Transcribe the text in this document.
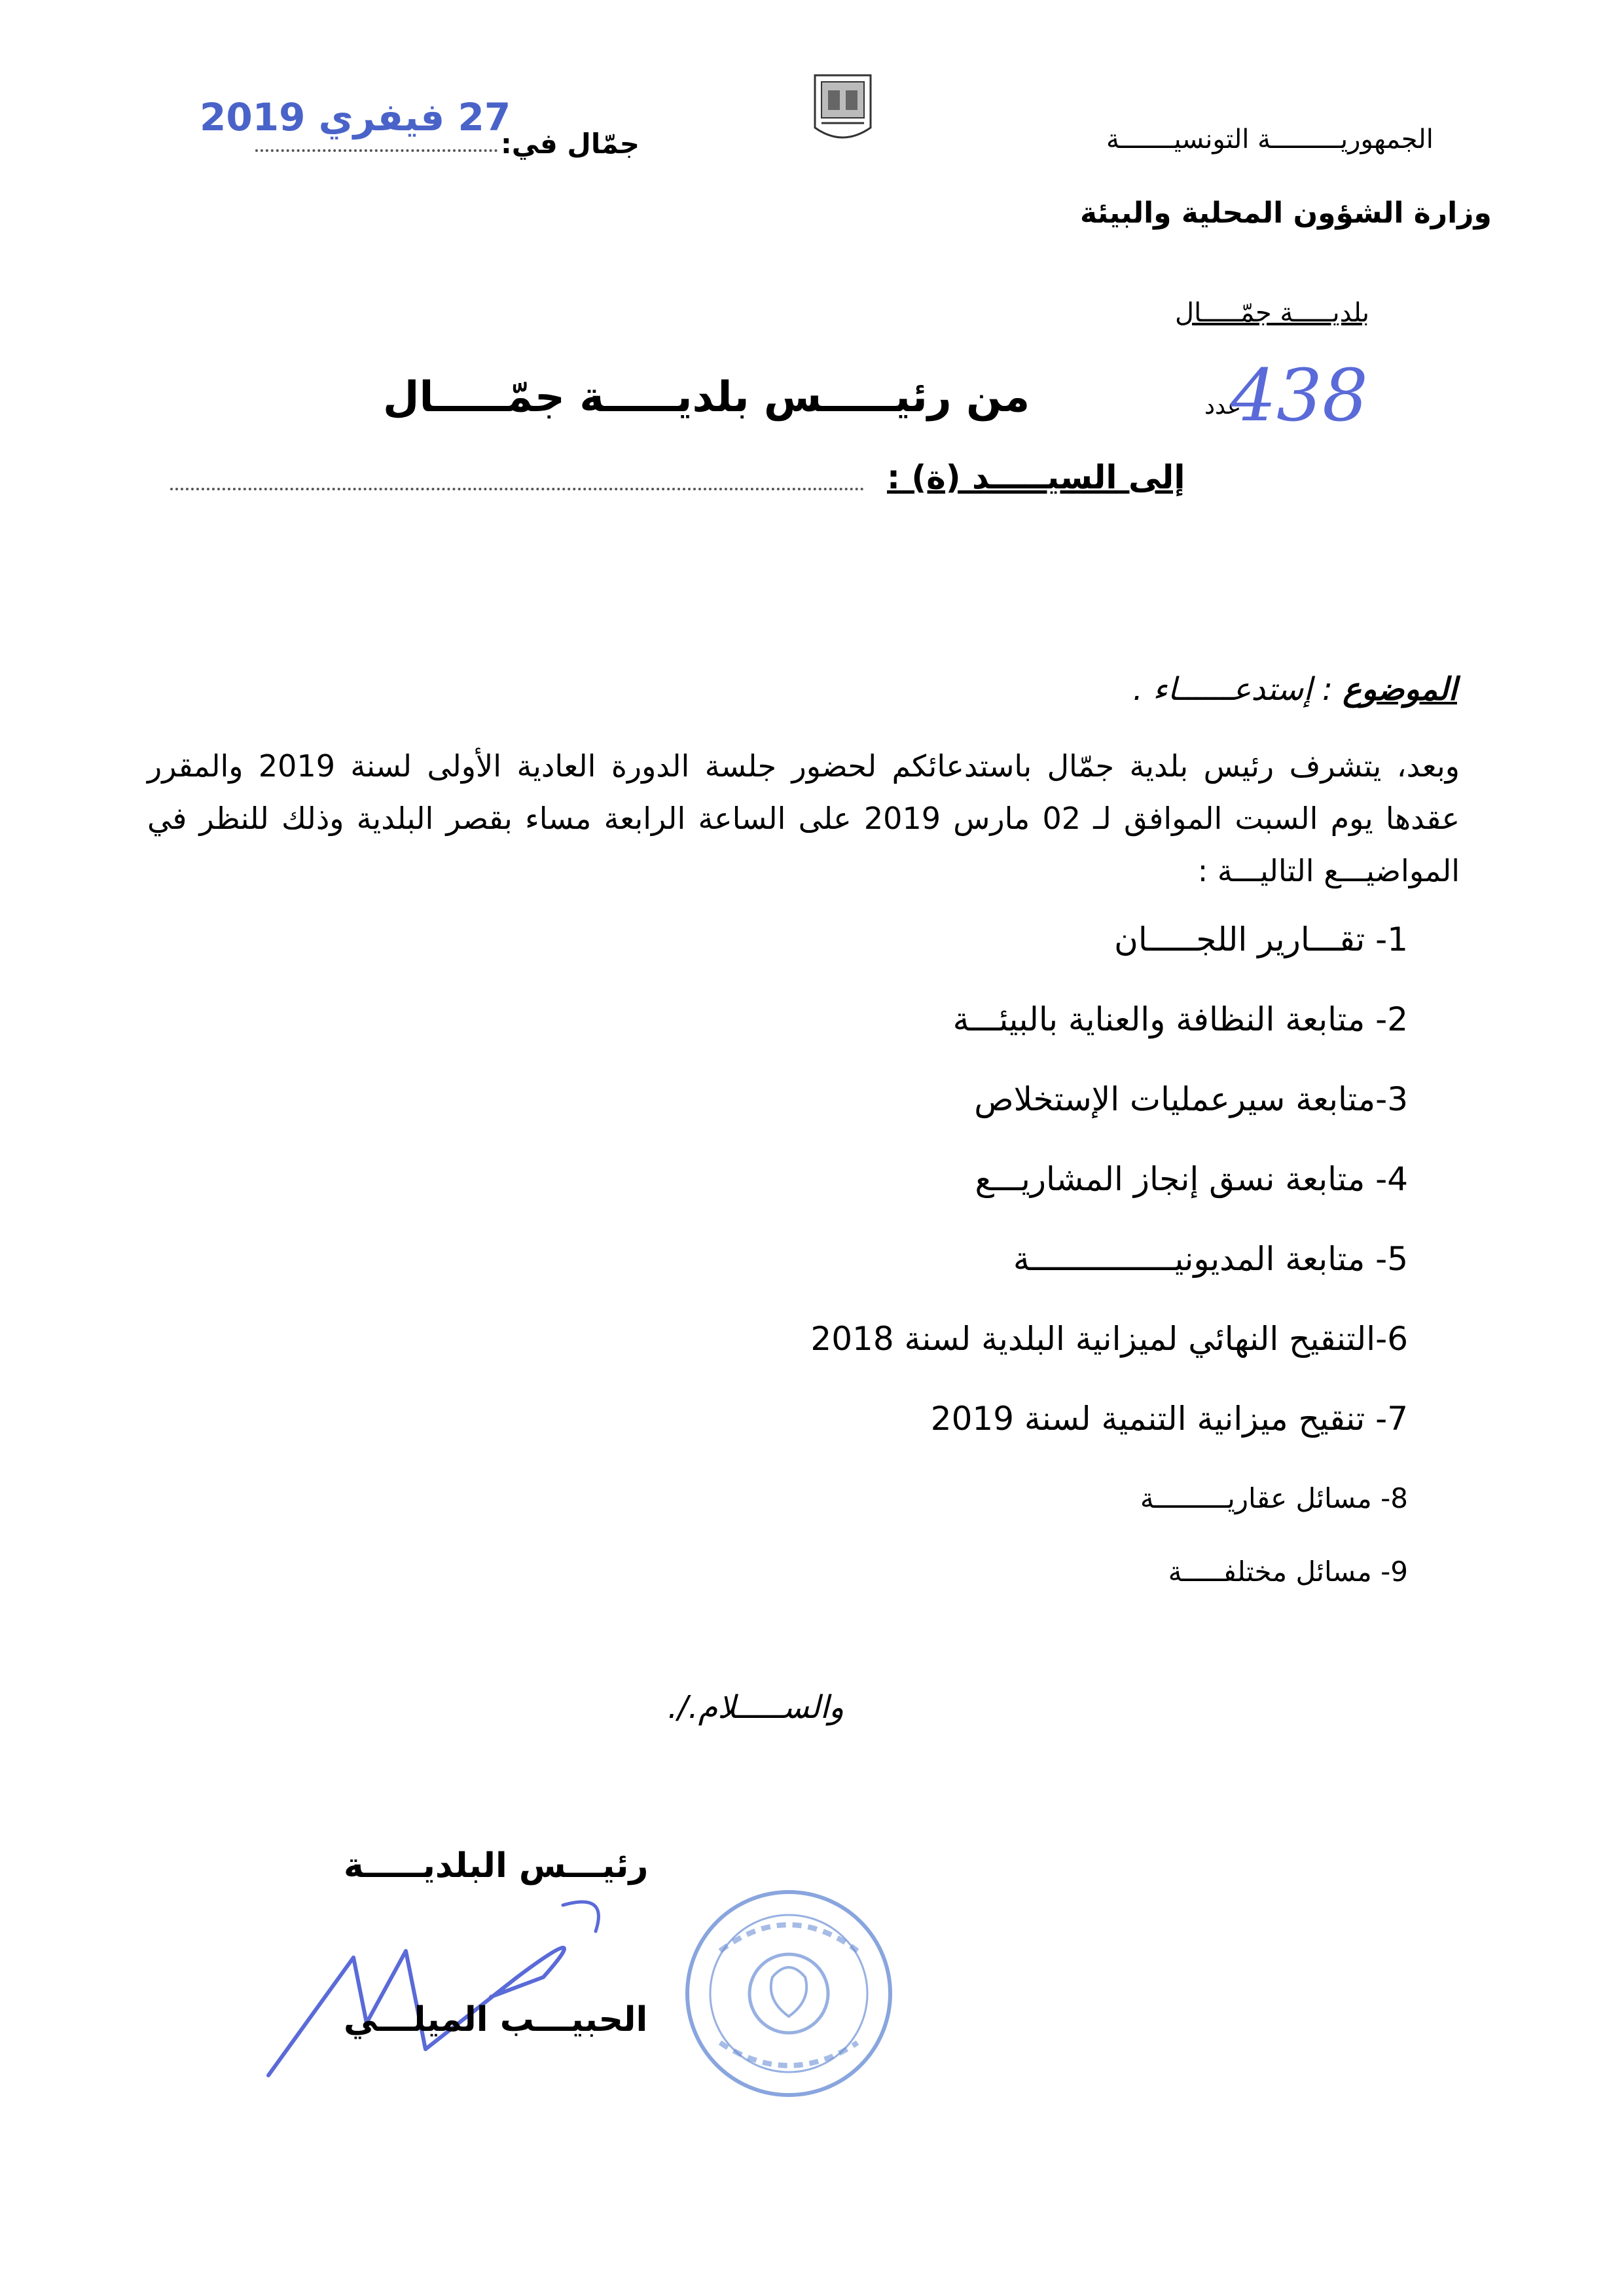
الجمهوريـــــــــة التونسيـــــــة
وزارة الشؤون المحلية والبيئة
بلديـــــة جمّـــــال
جمّال في:
27 فيفري 2019
عدد
438
من رئيـــــس بلديـــــة جمّـــــال
إلى السيـــــد (ة) :
الموضوع : إستدعــــــاء .
وبعد، يتشرف رئيس بلدية جمّال باستدعائكم لحضور جلسة الدورة العادية الأولى لسنة 2019 والمقرر عقدها يوم السبت الموافق لـ 02 مارس 2019 على الساعة الرابعة مساء بقصر البلدية وذلك للنظر في المواضيـــع التاليـــة :
1- تقـــارير اللجـــــان
2- متابعة النظافة والعناية بالبيئـــة
3-متابعة سيرعمليات الإستخلاص
4- متابعة نسق إنجاز المشاريـــع
5- متابعة المديونيـــــــــــــــة
6-التنقيح النهائي لميزانية البلدية لسنة 2018
7- تنقيح ميزانية التنمية لسنة 2019
8- مسائل عقاريـــــــــة
9- مسائل مختلفـــــة
والســـــلام./.
رئيـــس البلديـــــة
الحبيـــب الميلـــي
